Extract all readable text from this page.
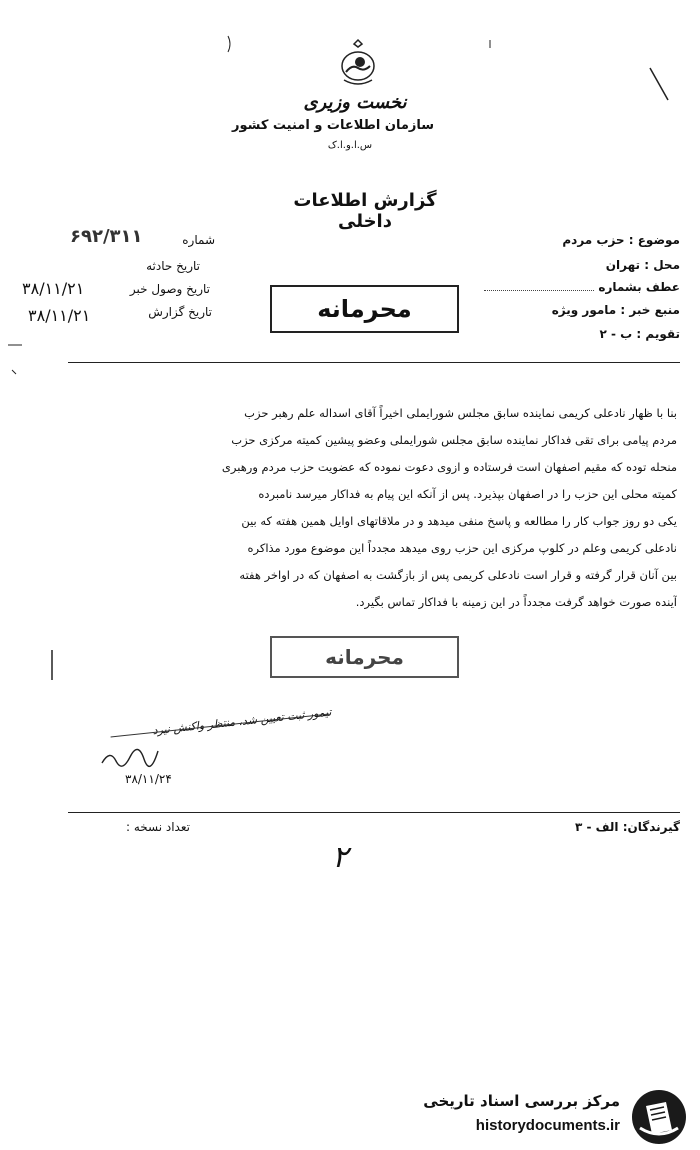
نخست وزیری
سازمان اطلاعات و امنیت کشور
س.ا.و.ا.ک
گزارش اطلاعات داخلی
شماره
۶۹۲/۳۱۱
تاریخ حادثه
تاریخ وصول خبر
۳۸/۱۱/۲۱
تاریخ گزارش
۳۸/۱۱/۲۱
موضوع : حزب مردم
محل : تهران
عطف بشماره
منبع خبر : مامور ویژه
تقویم : ب - ۲
محرمانه

بنا با ظهار نادعلی کریمی نماینده سابق مجلس شورایملی اخیراً آقای اسداله علم رهبر حزب

مردم پیامی برای تقی فداکار نماینده سابق مجلس شورایملی وعضو پیشین کمیته مرکزی حزب

منحله توده که مقیم اصفهان است فرستاده و ازوی دعوت نموده که عضویت حزب مردم ورهبری

کمیته محلی این حزب را در اصفهان بپذیرد. پس از آنکه این پیام به فداکار میرسد نامبرده

یکی دو روز جواب کار را مطالعه و پاسخ منفی میدهد و در ملاقاتهای اوایل همین هفته که بین

نادعلی کریمی وعلم در کلوپ مرکزی این حزب روی میدهد مجدداً این موضوع مورد مذاکره

بین آنان قرار گرفته و قرار است نادعلی کریمی پس از بازگشت به اصفهان که در اواخر هفته

آینده صورت خواهد گرفت مجدداً در این زمینه با فداکار تماس بگیرد.

محرمانه
تیمور ثبت تعیین شد، منتظر واکنش نیرد
۳۸/۱۱/۲۴
گیرندگان: الف - ۳
تعداد نسخه :
۲
مرکز بررسی اسناد تاریخی
historydocuments.ir
